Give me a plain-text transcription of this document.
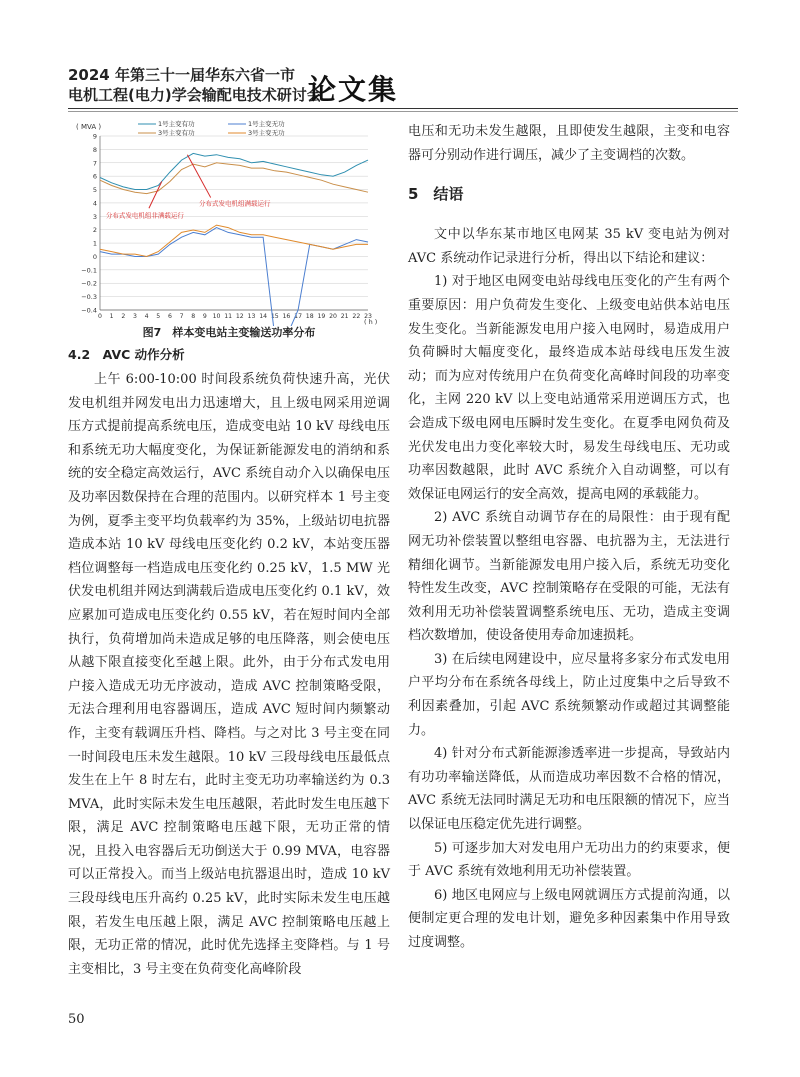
2024 年第三十一届华东六省一市
电机工程(电力)学会输配电技术研讨会
论文集
( MVA )	1号主变有功	1号主变无功
3号主变有功	3号主变无功
9
8
7
6
5
4
3
2
1
0
−0.1
−0.2
−0.3
−0.4
0 1 2 3 4 5 6 7 8 9 10 11 12 13 14 15 16 17 18 19 20 21 22 23
分布式发电机组满载运行
分布式发电机组非满载运行
( h )
图7　样本变电站主变输送功率分布
4.2　AVC 动作分析

上午 6:00-10:00 时间段系统负荷快速升高，光伏发电机组并网发电出力迅速增大，且上级电网采用逆调压方式提前提高系统电压，造成变电站 10 kV 母线电压和系统无功大幅度变化，为保证新能源发电的消纳和系统的安全稳定高效运行，AVC 系统自动介入以确保电压及功率因数保持在合理的范围内。以研究样本 1 号主变为例，夏季主变平均负载率约为 35%，上级站切电抗器造成本站 10 kV 母线电压变化约 0.2 kV，本站变压器档位调整每一档造成电压变化约 0.25 kV，1.5 MW 光伏发电机组并网达到满载后造成电压变化约 0.1 kV，效应累加可造成电压变化约 0.55 kV，若在短时间内全部执行，负荷增加尚未造成足够的电压降落，则会使电压从越下限直接变化至越上限。此外，由于分布式发电用户接入造成无功无序波动，造成 AVC 控制策略受限，无法合理利用电容器调压，造成 AVC 短时间内频繁动作，主变有载调压升档、降档。与之对比 3 号主变在同一时间段电压未发生越限。10 kV 三段母线电压最低点发生在上午 8 时左右，此时主变无功功率输送约为 0.3 MVA，此时实际未发生电压越限，若此时发生电压越下限，满足 AVC 控制策略电压越下限，无功正常的情况，且投入电容器后无功倒送大于 0.99 MVA，电容器可以正常投入。而当上级站电抗器退出时，造成 10 kV 三段母线电压升高约 0.25 kV，此时实际未发生电压越限，若发生电压越上限，满足 AVC 控制策略电压越上限，无功正常的情况，此时优先选择主变降档。与 1 号主变相比，3 号主变在负荷变化高峰阶段

电压和无功未发生越限，且即使发生越限，主变和电容器可分别动作进行调压，减少了主变调档的次数。

5　结语

文中以华东某市地区电网某 35 kV 变电站为例对 AVC 系统动作记录进行分析，得出以下结论和建议：

1) 对于地区电网变电站母线电压变化的产生有两个重要原因：用户负荷发生变化、上级变电站供本站电压发生变化。当新能源发电用户接入电网时，易造成用户负荷瞬时大幅度变化，最终造成本站母线电压发生波动；而为应对传统用户在负荷变化高峰时间段的功率变化，主网 220 kV 以上变电站通常采用逆调压方式，也会造成下级电网电压瞬时发生变化。在夏季电网负荷及光伏发电出力变化率较大时，易发生母线电压、无功或功率因数越限，此时 AVC 系统介入自动调整，可以有效保证电网运行的安全高效，提高电网的承载能力。

2) AVC 系统自动调节存在的局限性：由于现有配网无功补偿装置以整组电容器、电抗器为主，无法进行精细化调节。当新能源发电用户接入后，系统无功变化特性发生改变，AVC 控制策略存在受限的可能，无法有效利用无功补偿装置调整系统电压、无功，造成主变调档次数增加，使设备使用寿命加速损耗。

3) 在后续电网建设中，应尽量将多家分布式发电用户平均分布在系统各母线上，防止过度集中之后导致不利因素叠加，引起 AVC 系统频繁动作或超过其调整能力。

4) 针对分布式新能源渗透率进一步提高，导致站内有功功率输送降低，从而造成功率因数不合格的情况，AVC 系统无法同时满足无功和电压限额的情况下，应当以保证电压稳定优先进行调整。

5) 可逐步加大对发电用户无功出力的约束要求，便于 AVC 系统有效地利用无功补偿装置。

6) 地区电网应与上级电网就调压方式提前沟通，以便制定更合理的发电计划，避免多种因素集中作用导致过度调整。

50
